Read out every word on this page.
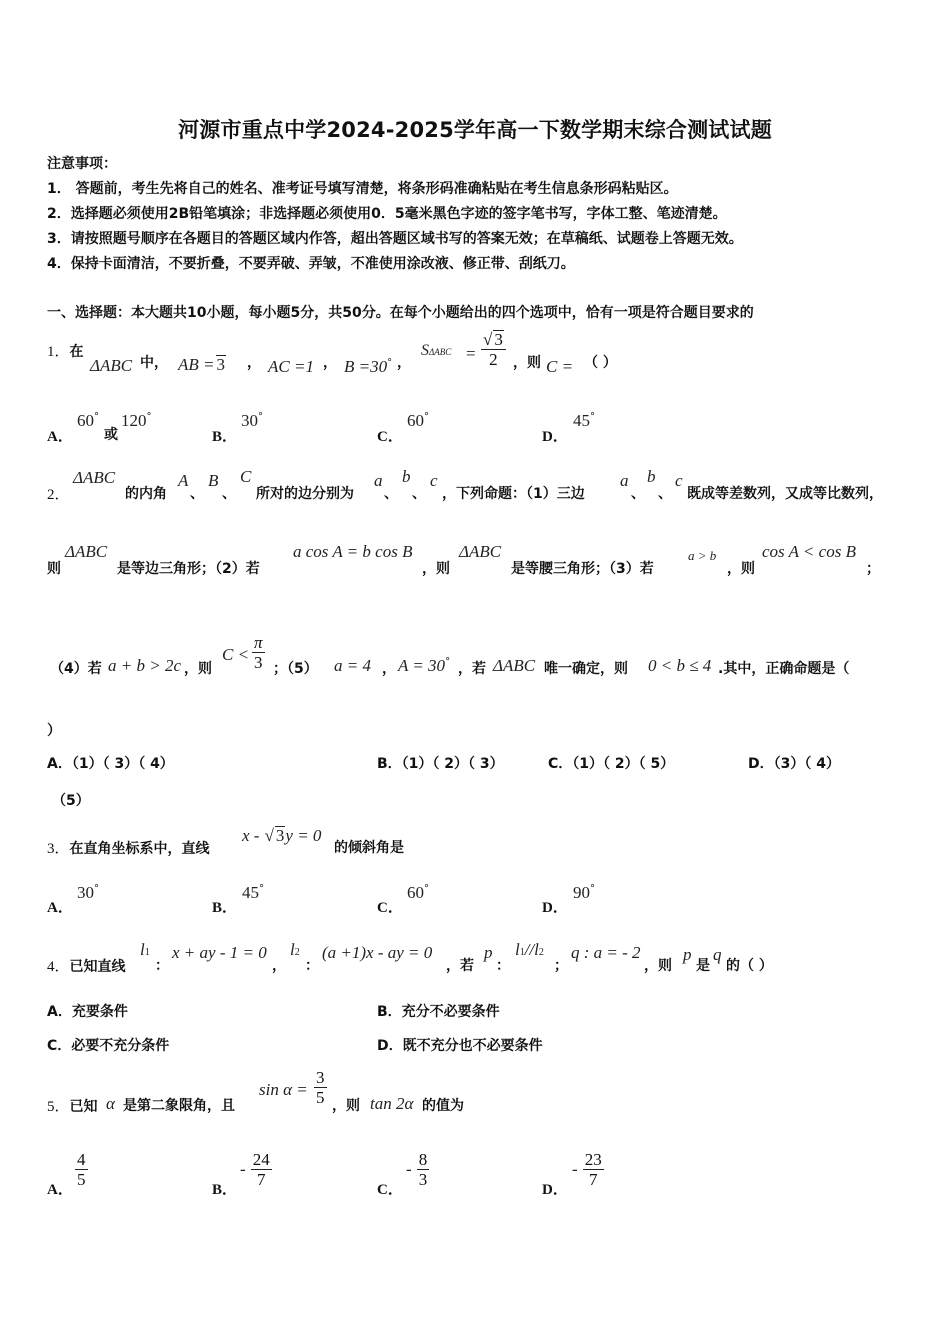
河源市重点中学2024-2025学年高一下数学期末综合测试试题
注意事项：
1． 答题前，考生先将自己的姓名、准考证号填写清楚，将条形码准确粘贴在考生信息条形码粘贴区。
2．选择题必须使用2B铅笔填涂；非选择题必须使用0．5毫米黑色字迹的签字笔书写，字体工整、笔迹清楚。
3．请按照题号顺序在各题目的答题区域内作答，超出答题区域书写的答案无效；在草稿纸、试题卷上答题无效。
4．保持卡面清洁，不要折叠，不要弄破、弄皱，不准使用涂改液、修正带、刮纸刀。
一、选择题：本大题共10小题，每小题5分，共50分。在每个小题给出的四个选项中，恰有一项是符合题目要求的
1．在
ΔABC 中， AB = 3 ， AC =1 ， B =30° ，
$S\Delta ABC = \frac{√ 3}{2}$ ，则 C = （ ）
A．
60°
或
120°
B．
30°
C．
60°
D．
45°
2．
ΔABC
的内角
A
、
B
、
C
所对的边分别为
a
、
b
、
c
，下列命题：（1）三边
a
、
b
、
c
既成等差数列，又成等比数列，
则
ΔABC
是等边三角形；（2）若
a cos A = b cos B
，则
ΔABC
是等腰三角形；（3）若
a > b
，则
cos A < cos B
；
（4）若 a + b > 2c ，则
$C < \frac{\pi}{3}$ ；（5） a = 4 ， A = 30° ，若 ΔABC 唯一确定，则 0 < b ≤ 4 .其中，正确命题是（
）
A．（1）（ 3）（ 4）	B．（1）（ 2）（ 3）	C．（1）（ 2）（ 5）	D．（3）（ 4）
（5）
3．在直角坐标系中，直线
x - √ 3y = 0
的倾斜角是
A．
30°
B．
45°
C．
60°
D．
90°
4．已知直线
l1
：
x + ay - 1 = 0
，
l2
：
(a +1)x - ay = 0
，若
p
：
l1//l2
；
q : a = - 2
，则
p
是
q
的（ ）
A．充要条件	B．充分不必要条件
C．必要不充分条件	D．既不充分也不必要条件
5．已知 α 是第二象限角，且
$\sin \alpha = \frac{3}{5}$ ，则 tan 2α 的值为
A．
$\frac{4}{5}$
B．
- $\frac{24}{7}$
C．
- $\frac{8}{3}$
D．
- $\frac{23}{7}$
